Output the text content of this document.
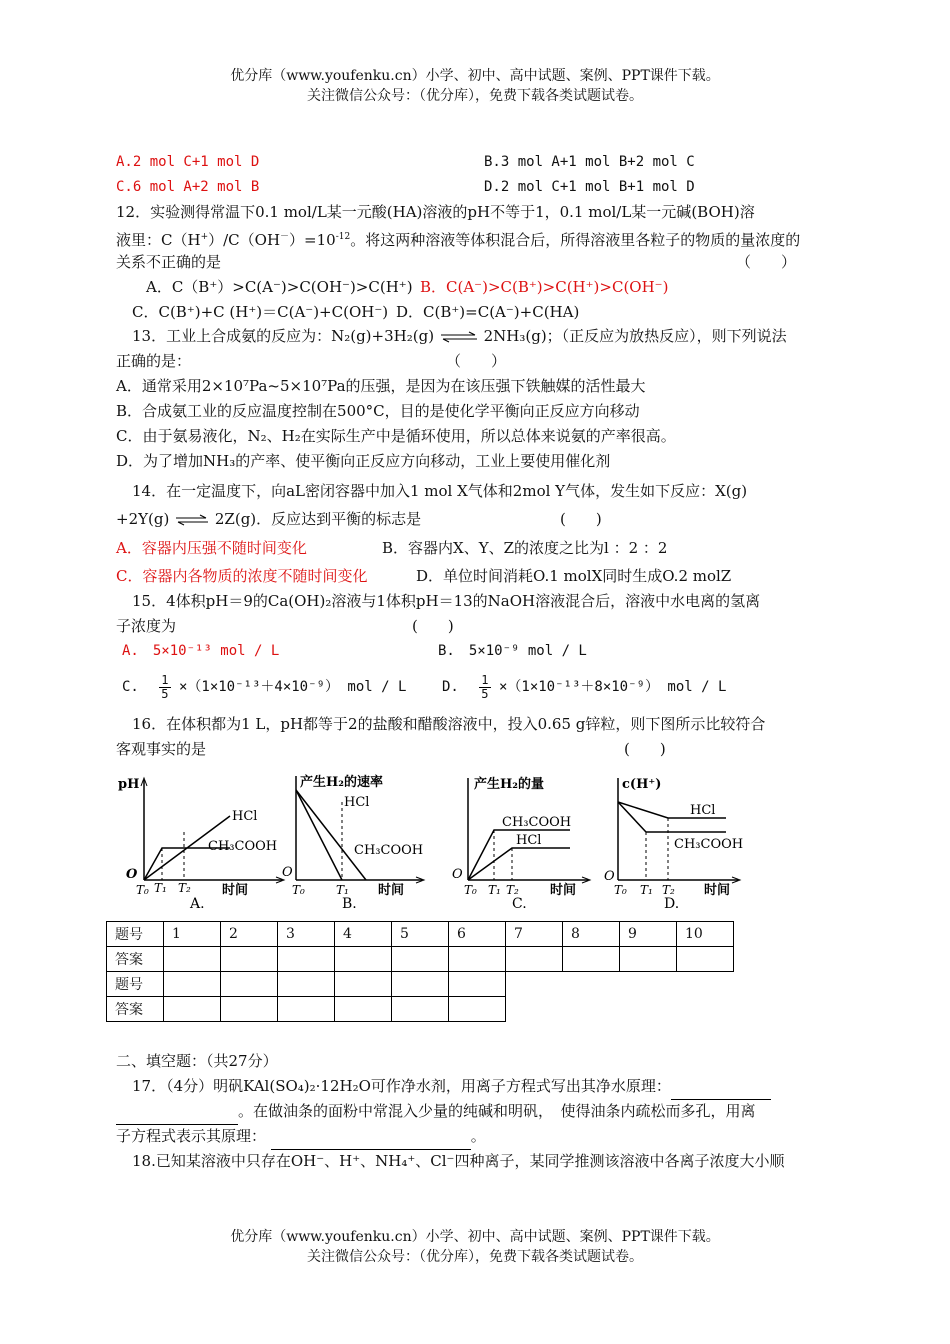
优分库（www.youfenku.cn）小学、初中、高中试题、案例、PPT课件下载。
关注微信公众号：（优分库），免费下载各类试题试卷。
A.2 mol C+1 mol D	B.3 mol A+1 mol B+2 mol C
C.6 mol A+2 mol B	D.2 mol C+1 mol B+1 mol D
12．实验测得常温下0.1 mol/L某一元酸(HA)溶液的pH不等于1，0.1 mol/L某一元碱(BOH)溶
液里：$C(H^+)/C(OH^-)=10^{-12}$。将这两种溶液等体积混合后，所得溶液里各粒子的物质的量浓度的
关系不正确的是	（　　）
A．C（B⁺）>C(A⁻)>C(OH⁻)>C(H⁺) B．C(A⁻)>C(B⁺)>C(H⁺)>C(OH⁻)
C．C(B⁺)+C (H⁺)＝C(A⁻)+C(OH⁻) D．C(B⁺)=C(A⁻)+C(HA)
13．工业上合成氨的反应为：N₂(g)+3H₂(g) ⇌ 2NH₃(g)；（正反应为放热反应），则下列说法
正确的是：	（　　）
A．通常采用2×10⁷Pa~5×10⁷Pa的压强，是因为在该压强下铁触媒的活性最大
B．合成氨工业的反应温度控制在500°C，目的是使化学平衡向正反应方向移动
C．由于氨易液化，N₂、H₂在实际生产中是循环使用，所以总体来说氨的产率很高。
D．为了增加NH₃的产率、使平衡向正反应方向移动，工业上要使用催化剂
14．在一定温度下，向aL密闭容器中加入1 mol X气体和2mol Y气体，发生如下反应：X(g)
+2Y(g) ⇌ 2Z(g)．反应达到平衡的标志是	(　　)
A．容器内压强不随时间变化	B．容器内X、Y、Z的浓度之比为l ：2 ：2
C．容器内各物质的浓度不随时间变化	D．单位时间消耗O.1 molX同时生成O.2 molZ
15．4体积pH＝9的Ca(OH)₂溶液与1体积pH＝13的NaOH溶液混合后，溶液中水电离的氢离
子浓度为	(　　)
A.　5×10⁻¹³ mol / L	B.　5×10⁻⁹ mol / L
C. $\frac{1}{5} \times(1\times 10^{-13}+4\times 10^{-9})$ mol / L	D. $\frac{1}{5} \times(1\times 10^{-13}+8\times 10^{-9})$ mol / L
16．在体积都为1 L，pH都等于2的盐酸和醋酸溶液中，投入0.65 g锌粒，则下图所示比较符合
客观事实的是	(　　)
pH
HCl
CH₃COOH
O
T₀ T₁ T₂ 时间
A.
产生H₂的速率
HCl
CH₃COOH
O
T₀	T₁ 时间
B.
产生H₂的量
CH₃COOH
HCl
O
T₀ T₁ T₂ 时间
C.
c(H⁺)
HCl
CH₃COOH
O
T₀ T₁ T₂ 时间
D.
题号	1	2	3	4	5	6	7	8	9	10
答案										
题号						
答案						
二、填空题：（共27分）
17．（4分）明矾KAl(SO₄)₂·12H₂O可作净水剂，用离子方程式写出其净水原理：
。在做油条的面粉中常混入少量的纯碱和明矾，　使得油条内疏松而多孔，用离
子方程式表示其原理：	。
18.已知某溶液中只存在OH⁻、H⁺、NH₄⁺、Cl⁻四种离子，某同学推测该溶液中各离子浓度大小顺
优分库（www.youfenku.cn）小学、初中、高中试题、案例、PPT课件下载。
关注微信公众号：（优分库），免费下载各类试题试卷。
